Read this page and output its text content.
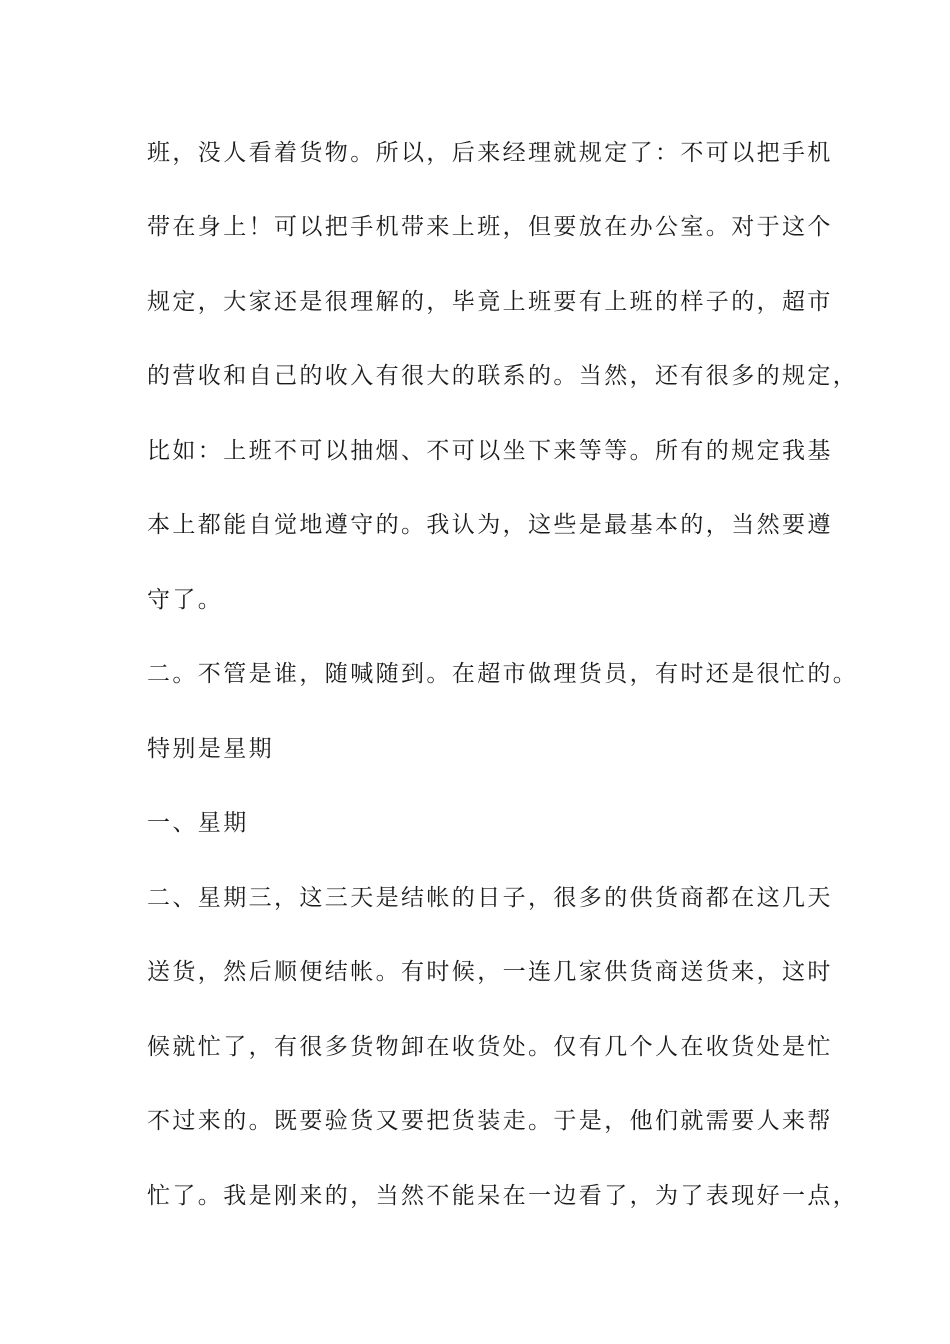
班，没人看着货物。所以，后来经理就规定了：不可以把手机
带在身上！可以把手机带来上班，但要放在办公室。对于这个
规定，大家还是很理解的，毕竟上班要有上班的样子的，超市
的营收和自己的收入有很大的联系的。当然，还有很多的规定，
比如：上班不可以抽烟、不可以坐下来等等。所有的规定我基
本上都能自觉地遵守的。我认为，这些是最基本的，当然要遵
守了。
二。不管是谁，随喊随到。在超市做理货员，有时还是很忙的。
特别是星期
一、星期
二、星期三，这三天是结帐的日子，很多的供货商都在这几天
送货，然后顺便结帐。有时候，一连几家供货商送货来，这时
候就忙了，有很多货物卸在收货处。仅有几个人在收货处是忙
不过来的。既要验货又要把货装走。于是，他们就需要人来帮
忙了。我是刚来的，当然不能呆在一边看了，为了表现好一点，
